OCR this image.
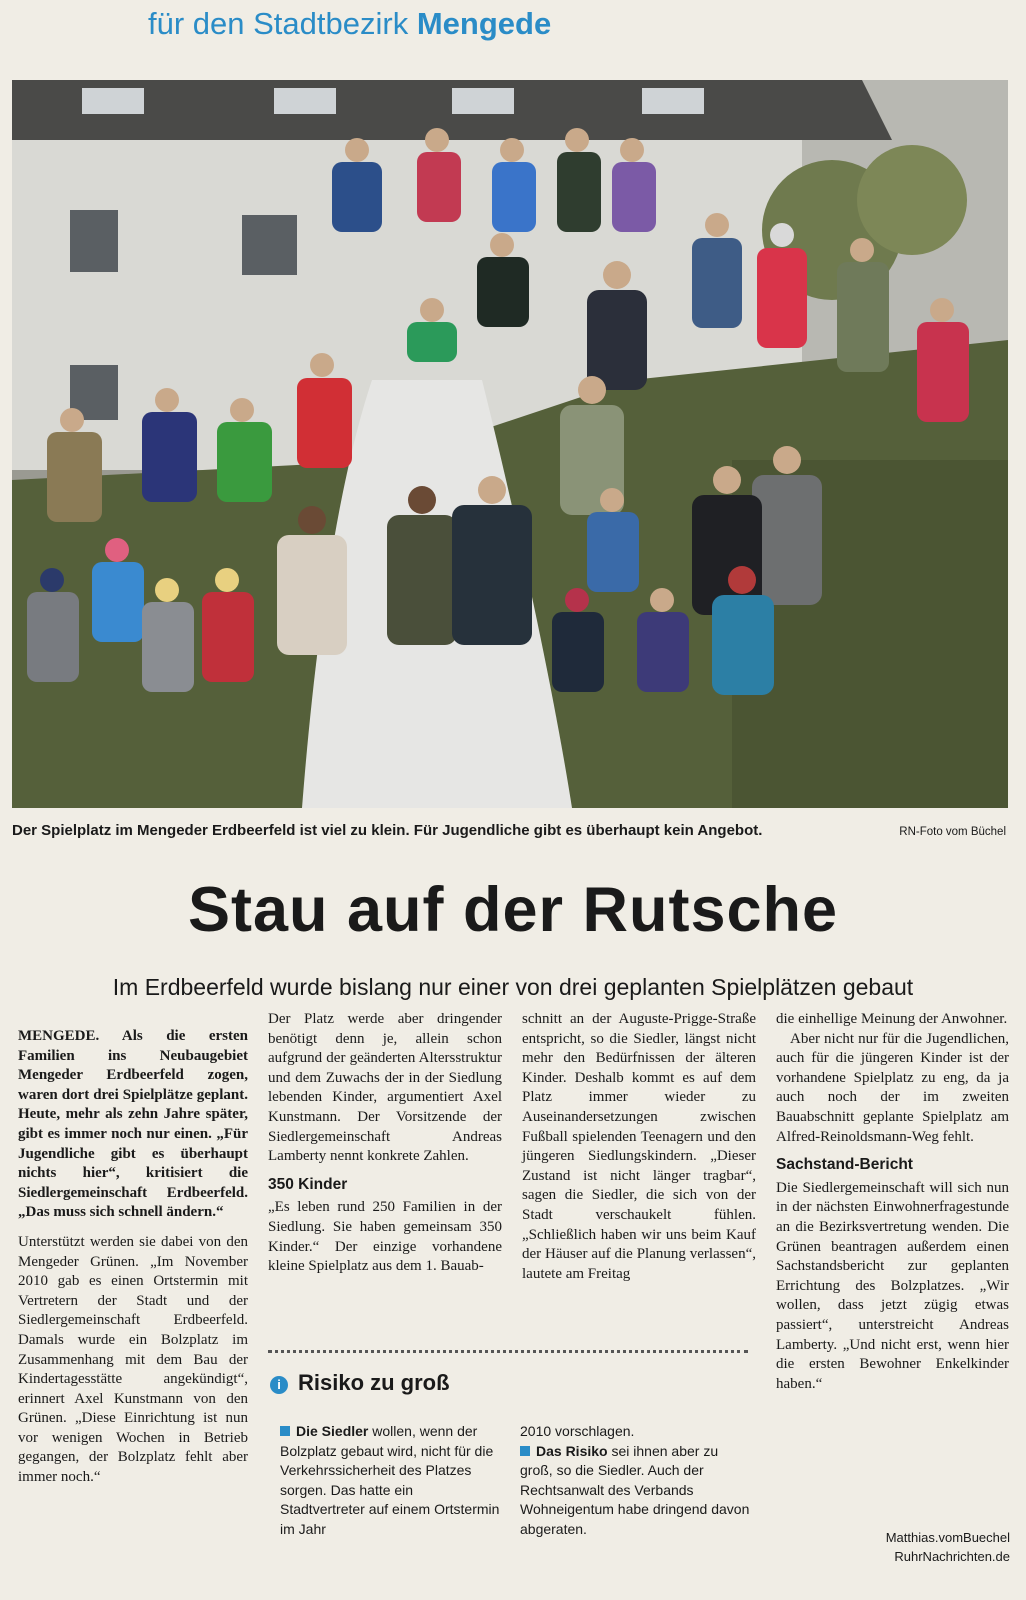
für den Stadtbezirk Mengede
Der Spielplatz im Mengeder Erdbeerfeld ist viel zu klein. Für Jugendliche gibt es überhaupt kein Angebot.	RN-Foto vom Büchel
Stau auf der Rutsche
Im Erdbeerfeld wurde bislang nur einer von drei geplanten Spielplätzen gebaut

MENGEDE. Als die ersten Familien ins Neubaugebiet Mengeder Erdbeerfeld zogen, waren dort drei Spielplätze geplant. Heute, mehr als zehn Jahre später, gibt es immer noch nur einen. „Für Jugendliche gibt es überhaupt nichts hier“, kritisiert die Siedlergemeinschaft Erdbeerfeld. „Das muss sich schnell ändern.“

Unterstützt werden sie dabei von den Mengeder Grünen. „Im November 2010 gab es einen Ortstermin mit Vertretern der Stadt und der Siedlergemeinschaft Erdbeerfeld. Damals wurde ein Bolzplatz im Zusammenhang mit dem Bau der Kindertagesstätte angekündigt“, erinnert Axel Kunstmann von den Grünen. „Diese Einrichtung ist nun vor wenigen Wochen in Betrieb gegangen, der Bolzplatz fehlt aber immer noch.“

Der Platz werde aber dringender benötigt denn je, allein schon aufgrund der geänderten Altersstruktur und dem Zuwachs der in der Siedlung lebenden Kinder, argumentiert Axel Kunstmann. Der Vorsitzende der Siedlergemeinschaft Andreas Lamberty nennt konkrete Zahlen.

350 Kinder

„Es leben rund 250 Familien in der Siedlung. Sie haben gemeinsam 350 Kinder.“ Der einzige vorhandene kleine Spielplatz aus dem 1. Bauab-

schnitt an der Auguste-Prigge-Straße entspricht, so die Siedler, längst nicht mehr den Bedürfnissen der älteren Kinder. Deshalb kommt es auf dem Platz immer wieder zu Auseinandersetzungen zwischen Fußball spielenden Teenagern und den jüngeren Siedlungskindern. „Dieser Zustand ist nicht länger tragbar“, sagen die Siedler, die sich von der Stadt verschaukelt fühlen. „Schließlich haben wir uns beim Kauf der Häuser auf die Planung verlassen“, lautete am Freitag

die einhellige Meinung der Anwohner.

Aber nicht nur für die Jugendlichen, auch für die jüngeren Kinder ist der vorhandene Spielplatz zu eng, da ja auch noch der im zweiten Bauabschnitt geplante Spielplatz am Alfred-Reinoldsmann-Weg fehlt.

Sachstand-Bericht

Die Siedlergemeinschaft will sich nun in der nächsten Einwohnerfragestunde an die Bezirksvertretung wenden. Die Grünen beantragen außerdem einen Sachstandsbericht zur geplanten Errichtung des Bolzplatzes. „Wir wollen, dass jetzt zügig etwas passiert“, unterstreicht Andreas Lamberty. „Und nicht erst, wenn hier die ersten Bewohner Enkelkinder haben.“

Matthias.vomBuechel
RuhrNachrichten.de
i Risiko zu groß
Die Siedler wollen, wenn der Bolzplatz gebaut wird, nicht für die Verkehrssicherheit des Platzes sorgen. Das hatte ein Stadtvertreter auf einem Ortstermin im Jahr
2010 vorschlagen.
Das Risiko sei ihnen aber zu groß, so die Siedler. Auch der Rechtsanwalt des Verbands Wohneigentum habe dringend davon abgeraten.
